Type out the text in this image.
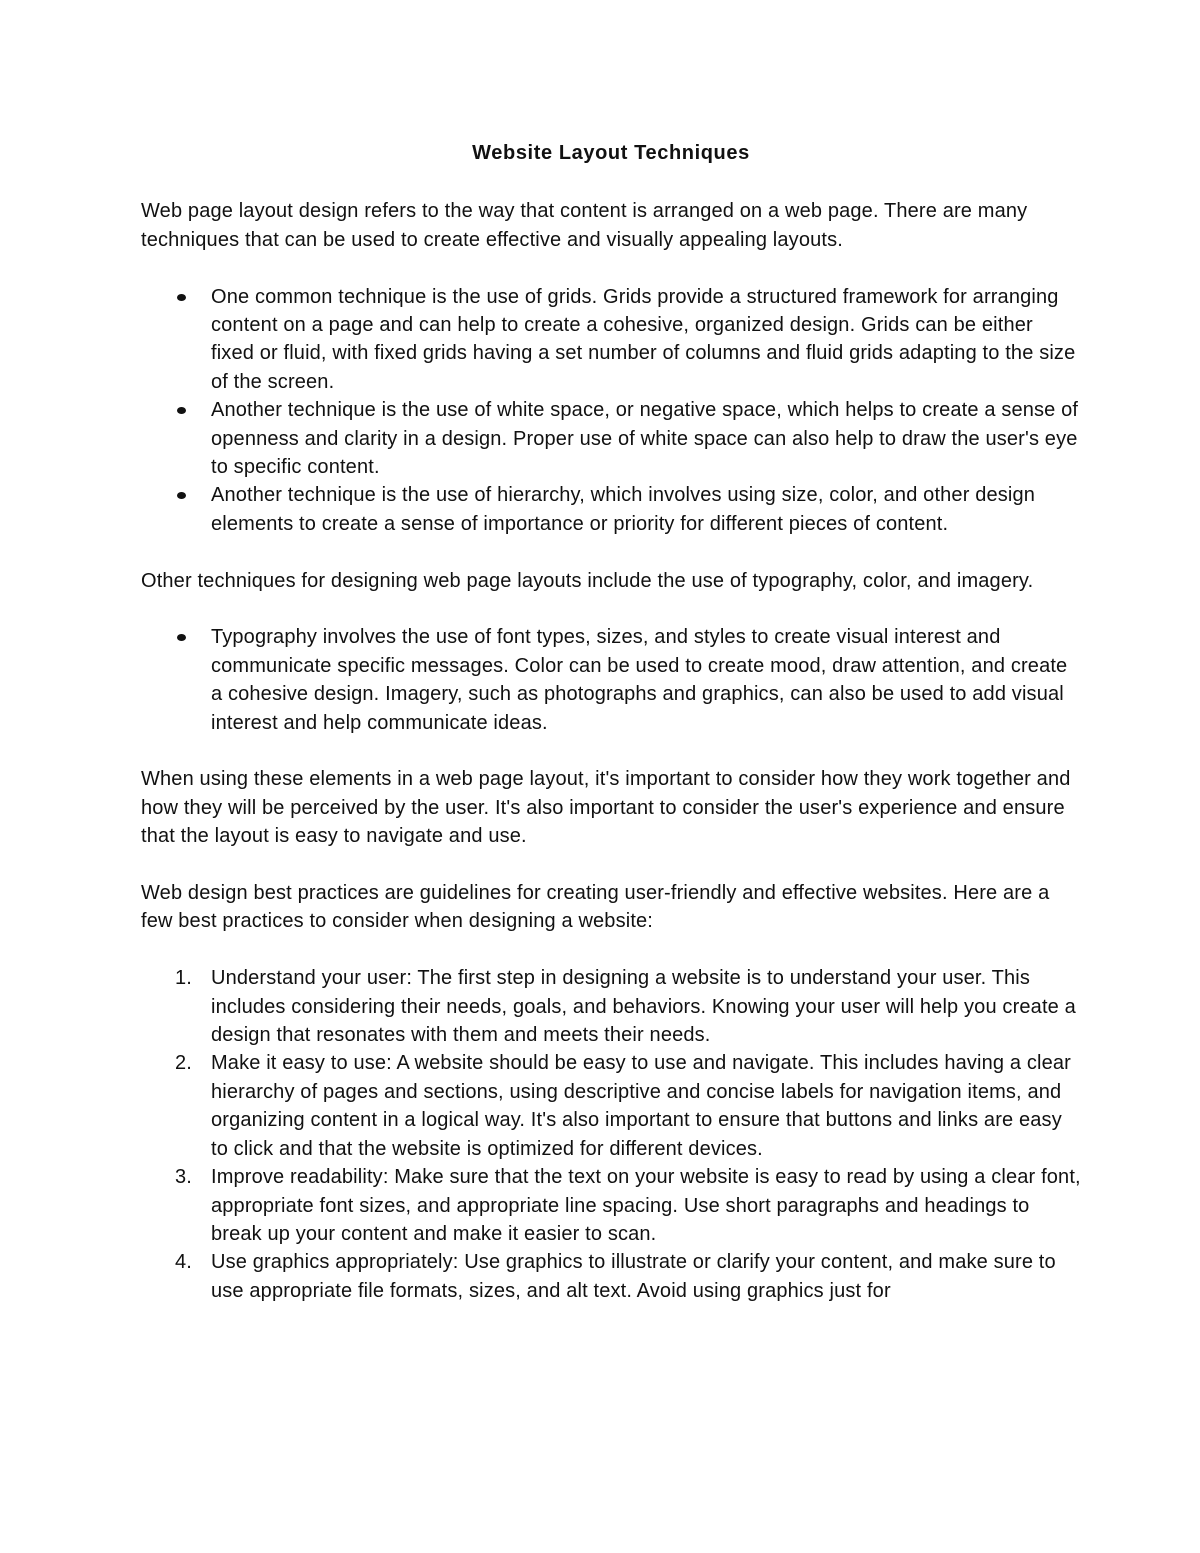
Website Layout Techniques

Web page layout design refers to the way that content is arranged on a web page. There are many techniques that can be used to create effective and visually appealing layouts.

One common technique is the use of grids. Grids provide a structured framework for arranging content on a page and can help to create a cohesive, organized design. Grids can be either fixed or fluid, with fixed grids having a set number of columns and fluid grids adapting to the size of the screen.
Another technique is the use of white space, or negative space, which helps to create a sense of openness and clarity in a design. Proper use of white space can also help to draw the user's eye to specific content.
Another technique is the use of hierarchy, which involves using size, color, and other design elements to create a sense of importance or priority for different pieces of content.

Other techniques for designing web page layouts include the use of typography, color, and imagery.

Typography involves the use of font types, sizes, and styles to create visual interest and communicate specific messages. Color can be used to create mood, draw attention, and create a cohesive design. Imagery, such as photographs and graphics, can also be used to add visual interest and help communicate ideas.

When using these elements in a web page layout, it's important to consider how they work together and how they will be perceived by the user. It's also important to consider the user's experience and ensure that the layout is easy to navigate and use.

Web design best practices are guidelines for creating user-friendly and effective websites. Here are a few best practices to consider when designing a website:

1. Understand your user: The first step in designing a website is to understand your user. This includes considering their needs, goals, and behaviors. Knowing your user will help you create a design that resonates with them and meets their needs.
2. Make it easy to use: A website should be easy to use and navigate. This includes having a clear hierarchy of pages and sections, using descriptive and concise labels for navigation items, and organizing content in a logical way. It's also important to ensure that buttons and links are easy to click and that the website is optimized for different devices.
3. Improve readability: Make sure that the text on your website is easy to read by using a clear font, appropriate font sizes, and appropriate line spacing. Use short paragraphs and headings to break up your content and make it easier to scan.
4. Use graphics appropriately: Use graphics to illustrate or clarify your content, and make sure to use appropriate file formats, sizes, and alt text. Avoid using graphics just for
